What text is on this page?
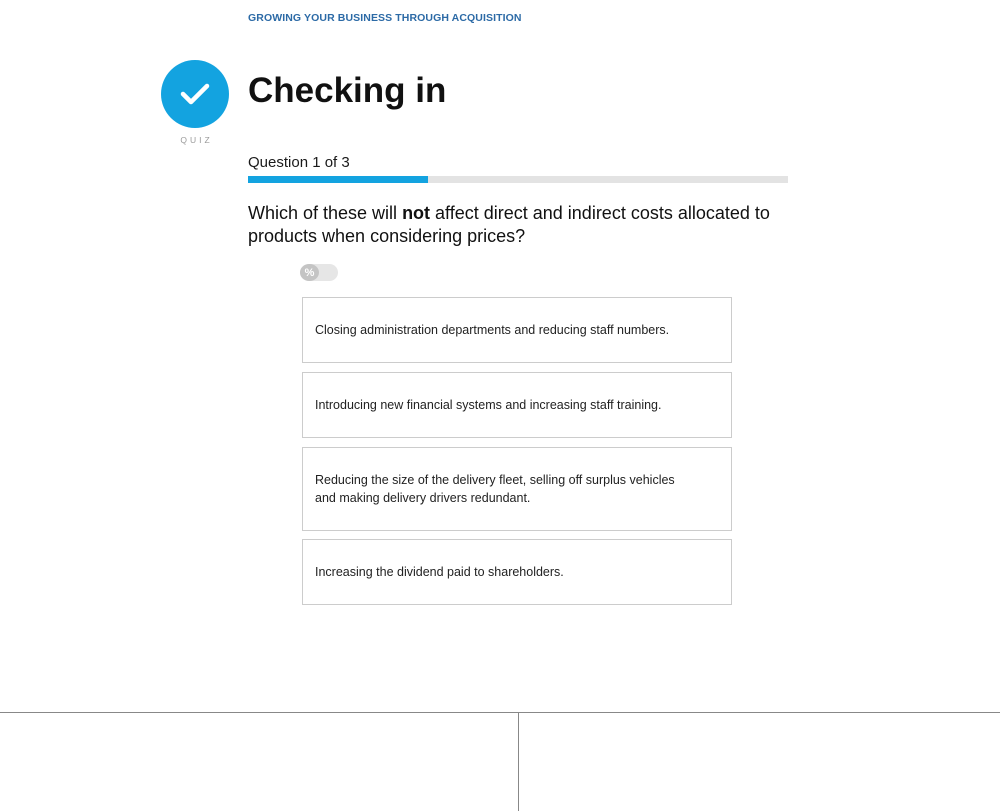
GROWING YOUR BUSINESS THROUGH ACQUISITION
QUIZ
Checking in
Question 1 of 3

Which of these will not affect direct and indirect costs allocated to products when considering prices?

%
Closing administration departments and reducing staff numbers.
Introducing new financial systems and increasing staff training.
Reducing the size of the delivery fleet, selling off surplus vehicles and making delivery drivers redundant.
Increasing the dividend paid to shareholders.
